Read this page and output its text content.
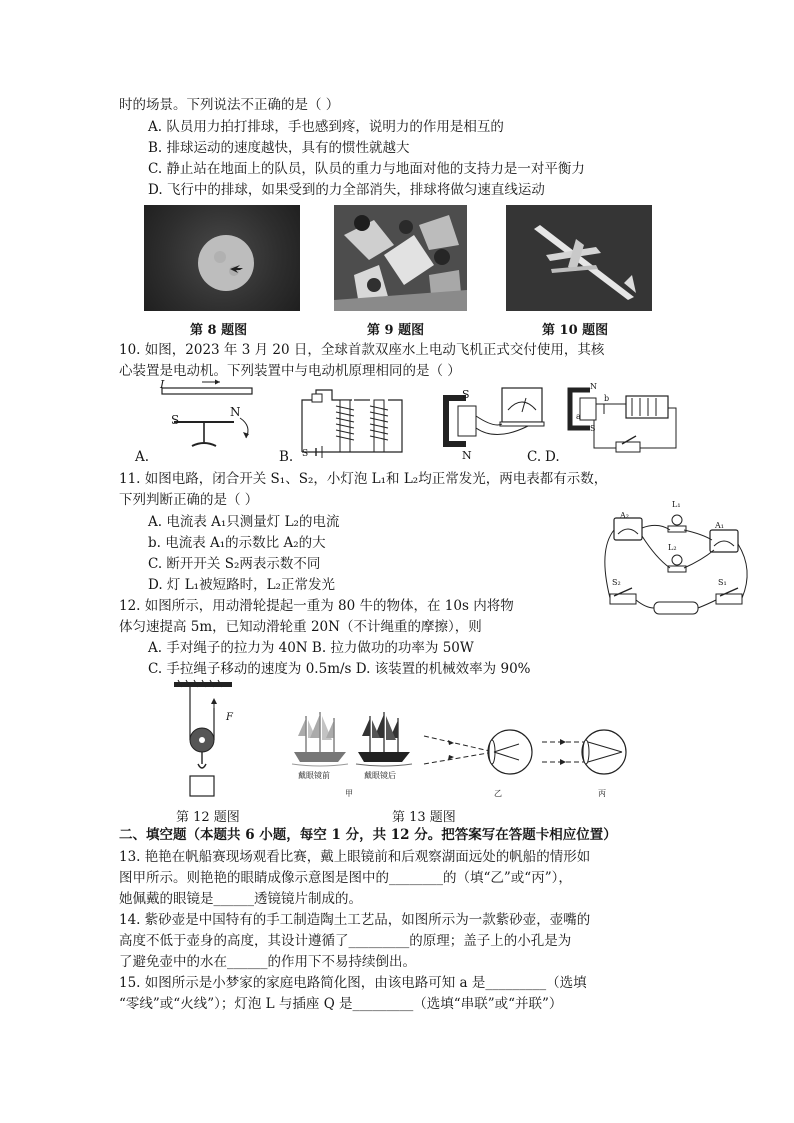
时的场景。下列说法不正确的是（ ）
A. 队员用力拍打排球，手也感到疼，说明力的作用是相互的
B. 排球运动的速度越快，具有的惯性就越大
C. 静止站在地面上的队员，队员的重力与地面对他的支持力是一对平衡力
D. 飞行中的排球，如果受到的力全部消失，排球将做匀速直线运动
第 8 题图	第 9 题图	第 10 题图
10. 如图，2023 年 3 月 20 日，全球首款双座水上电动飞机正式交付使用，其核
心装置是电动机。下列装置中与电动机原理相同的是（ ）
I
S
N
A.	S
B.
S
N	C.
N
S
a
b
D.
11. 如图电路，闭合开关 S₁、S₂，小灯泡 L₁和 L₂均正常发光，两电表都有示数，
下列判断正确的是（ ）
A. 电流表 A₁只测量灯 L₂的电流
b. 电流表 A₁的示数比 A₂的大
C. 断开开关 S₂两表示数不同
D. 灯 L₁被短路时，L₂正常发光
A₂
A₁
L₁
L₂
S₂	S₁
12. 如图所示，用动滑轮提起一重为 80 牛的物体，在 10s 内将物
体匀速提高 5m，已知动滑轮重 20N（不计绳重的摩擦），则
A. 手对绳子的拉力为 40N B. 拉力做功的功率为 50W
C. 手拉绳子移动的速度为 0.5m/s D. 该装置的机械效率为 90%
F
戴眼镜前	戴眼镜后
甲	乙	丙
第 12 题图	第 13 题图
二、填空题（本题共 6 小题，每空 1 分，共 12 分。把答案写在答题卡相应位置）
13. 艳艳在帆船赛现场观看比赛，戴上眼镜前和后观察湖面远处的帆船的情形如
图甲所示。则艳艳的眼睛成像示意图是图中的________的（填“乙”或“丙”），
她佩戴的眼镜是______透镜镜片制成的。
14. 紫砂壶是中国特有的手工制造陶土工艺品，如图所示为一款紫砂壶，壶嘴的
高度不低于壶身的高度，其设计遵循了_________的原理；盖子上的小孔是为
了避免壶中的水在______的作用下不易持续倒出。
15. 如图所示是小梦家的家庭电路简化图，由该电路可知 a 是_________（选填
“零线”或“火线”）；灯泡 L 与插座 Q 是_________（选填“串联”或“并联”）
